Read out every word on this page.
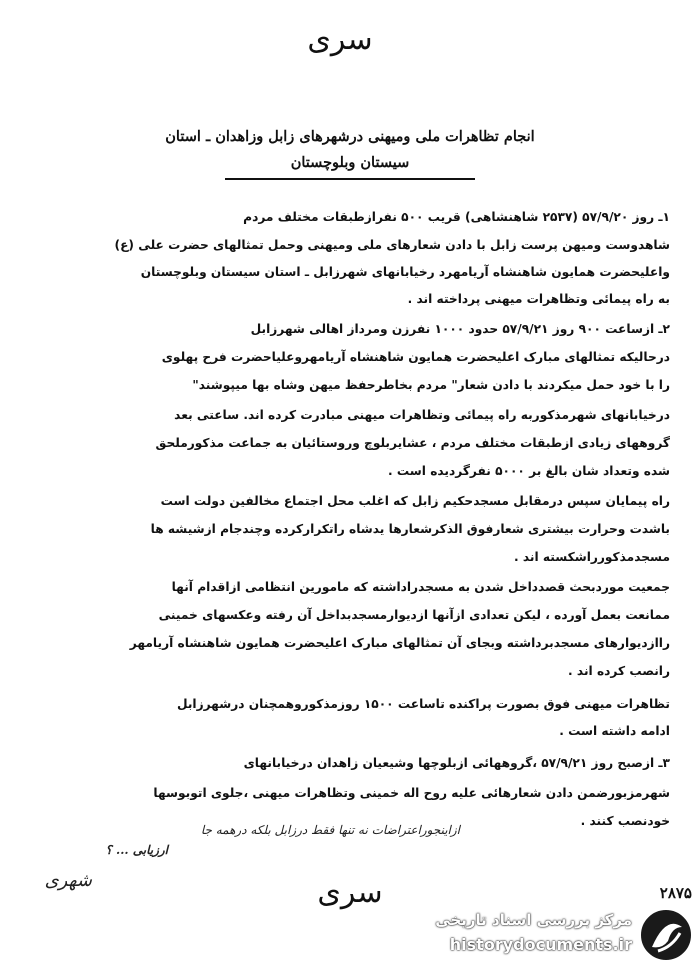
سری
انجام تظاهرات ملی ومیهنی درشهرهای زابل وزاهدان ـ استان
سیستان وبلوچستان
۱ـ روز ۵۷/۹/۲۰ (۲۵۳۷ شاهنشاهی) قریب ۵۰۰ نفرازطبقات مختلف مردم
شاهدوست ومیهن پرست زابل با دادن شعارهای ملی ومیهنی وحمل تمثالهای حضرت علی (ع)
واعلیحضرت همایون شاهنشاه آریامهرد رخیابانهای شهرزابل ـ استان سیستان وبلوچستان
به راه پیمائی وتظاهرات میهنی پرداخته اند .
۲ـ ازساعت ۹۰۰ روز ۵۷/۹/۲۱ حدود ۱۰۰۰ نفرزن ومرداز اهالی شهرزابل
درحالیکه تمثالهای مبارک اعلیحضرت همایون شاهنشاه آریامهروعلیاحضرت فرح پهلوی
را با خود حمل میکردند با دادن شعار" مردم بخاطرحفظ میهن وشاه بها میپوشند"
درخیابانهای شهرمذکوربه راه پیمائی وتظاهرات میهنی مبادرت کرده اند. ساعتی بعد
گروههای زیادی ازطبقات مختلف مردم ، عشایربلوچ وروستائیان به جماعت مذکورملحق
شده وتعداد شان بالغ بر ۵۰۰۰ نفرگردیده است .
راه پیمایان سپس درمقابل مسجدحکیم زابل که اغلب محل اجتماع مخالفین دولت است
باشدت وحرارت بیشتری شعارفوق الذکرشعارها یدشاه راتکرارکرده وچندجام ازشیشه ها
مسجدمذکورراشکسته اند .
جمعیت موردبحث قصدداخل شدن به مسجدراداشته که مامورین انتظامی ازاقدام آنها
ممانعت بعمل آورده ، لیکن تعدادی ازآنها ازدیوارمسجدبداخل آن رفته وعکسهای خمینی
راازدیوارهای مسجدبرداشته وبجای آن تمثالهای مبارک اعلیحضرت همایون شاهنشاه آریامهر
رانصب کرده اند .
تظاهرات میهنی فوق بصورت پراکنده تاساعت ۱۵۰۰ روزمذکوروهمچنان درشهرزابل
ادامه داشته است .
۳ـ ازصبح روز ۵۷/۹/۲۱ ،گروههائی ازبلوچها وشیعیان زاهدان درخیابانهای
شهرمزبورضمن دادن شعارهائی علیه روح اله خمینی وتظاهرات میهنی ،جلوی اتوبوسها
خودنصب کنند .
ازاینجوراعتراضات نه تنها فقط درزابل بلکه درهمه جا
ارزیابی ... ؟
شهری	سری	۲۸۷۵
مرکز بررسی اسناد تاریخی
historydocuments.ir
